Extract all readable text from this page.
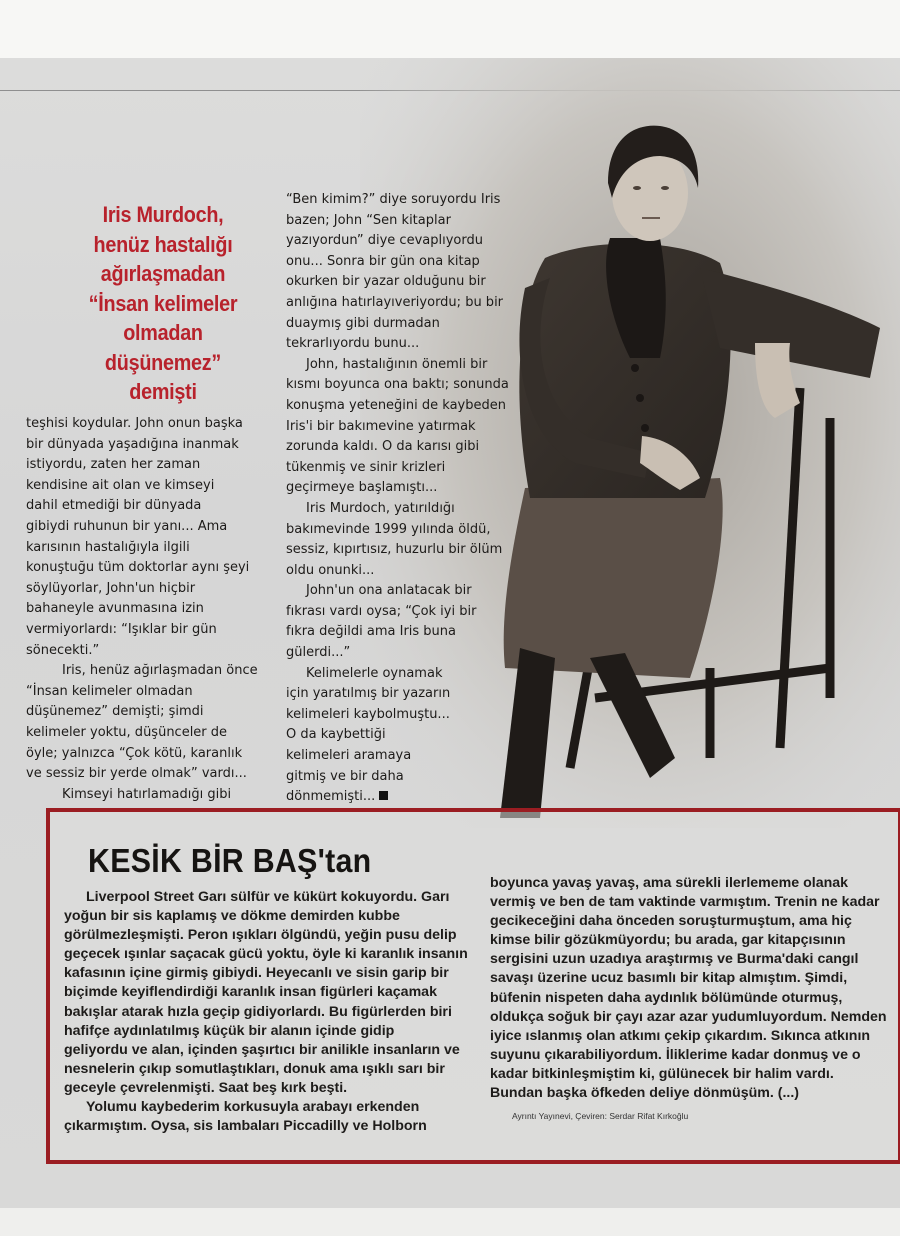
Iris Murdoch,
henüz hastalığı
ağırlaşmadan
“İnsan kelimeler
olmadan
düşünemez”
demişti
teşhisi koydular. John onun başka
bir dünyada yaşadığına inanmak
istiyordu, zaten her zaman
kendisine ait olan ve kimseyi
dahil etmediği bir dünyada
gibiydi ruhunun bir yanı... Ama
karısının hastalığıyla ilgili
konuştuğu tüm doktorlar aynı şeyi
söylüyorlar, John'un hiçbir
bahaneyle avunmasına izin
vermiyorlardı: “Işıklar bir gün
sönecekti.”
Iris, henüz ağırlaşmadan önce
“İnsan kelimeler olmadan
düşünemez” demişti; şimdi
kelimeler yoktu, düşünceler de
öyle; yalnızca “Çok kötü, karanlık
ve sessiz bir yerde olmak” vardı...
Kimseyi hatırlamadığı gibi
“Ben kimim?” diye soruyordu Iris
bazen; John “Sen kitaplar
yazıyordun” diye cevaplıyordu
onu... Sonra bir gün ona kitap
okurken bir yazar olduğunu bir
anlığına hatırlayıveriyordu; bu bir
duaymış gibi durmadan
tekrarlıyordu bunu...
John, hastalığının önemli bir
kısmı boyunca ona baktı; sonunda
konuşma yeteneğini de kaybeden
Iris'i bir bakımevine yatırmak
zorunda kaldı. O da karısı gibi
tükenmiş ve sinir krizleri
geçirmeye başlamıştı...
Iris Murdoch, yatırıldığı
bakımevinde 1999 yılında öldü,
sessiz, kıpırtısız, huzurlu bir ölüm
oldu onunki...
John'un ona anlatacak bir
fıkrası vardı oysa; “Çok iyi bir
fıkra değildi ama Iris buna
gülerdi...”
Kelimelerle oynamak
için yaratılmış bir yazarın
kelimeleri kaybolmuştu...
O da kaybettiği
kelimeleri aramaya
gitmiş ve bir daha
dönmemişti...
KESİK BİR BAŞ'tan
Liverpool Street Garı sülfür ve kükürt kokuyordu. Garı
yoğun bir sis kaplamış ve dökme demirden kubbe
görülmezleşmişti. Peron ışıkları ölgündü, yeğin pusu delip
geçecek ışınlar saçacak gücü yoktu, öyle ki karanlık insanın
kafasının içine girmiş gibiydi. Heyecanlı ve sisin garip bir
biçimde keyiflendirdiği karanlık insan figürleri kaçamak
bakışlar atarak hızla geçip gidiyorlardı. Bu figürlerden biri
hafifçe aydınlatılmış küçük bir alanın içinde gidip
geliyordu ve alan, içinden şaşırtıcı bir anilikle insanların ve
nesnelerin çıkıp somutlaştıkları, donuk ama ışıklı sarı bir
geceyle çevrelenmişti. Saat beş kırk beşti.
Yolumu kaybederim korkusuyla arabayı erkenden
çıkarmıştım. Oysa, sis lambaları Piccadilly ve Holborn
boyunca yavaş yavaş, ama sürekli ilerlememe olanak
vermiş ve ben de tam vaktinde varmıştım. Trenin ne kadar
gecikeceğini daha önceden soruşturmuştum, ama hiç
kimse bilir gözükmüyordu; bu arada, gar kitapçısının
sergisini uzun uzadıya araştırmış ve Burma'daki cangıl
savaşı üzerine ucuz basımlı bir kitap almıştım. Şimdi,
büfenin nispeten daha aydınlık bölümünde oturmuş,
oldukça soğuk bir çayı azar azar yudumluyordum. Nemden
iyice ıslanmış olan atkımı çekip çıkardım. Sıkınca atkının
suyunu çıkarabiliyordum. İliklerime kadar donmuş ve o
kadar bitkinleşmiştim ki, gülünecek bir halim vardı.
Bundan başka öfkeden deliye dönmüşüm. (...)
Ayrıntı Yayınevi, Çeviren: Serdar Rifat Kırkoğlu
